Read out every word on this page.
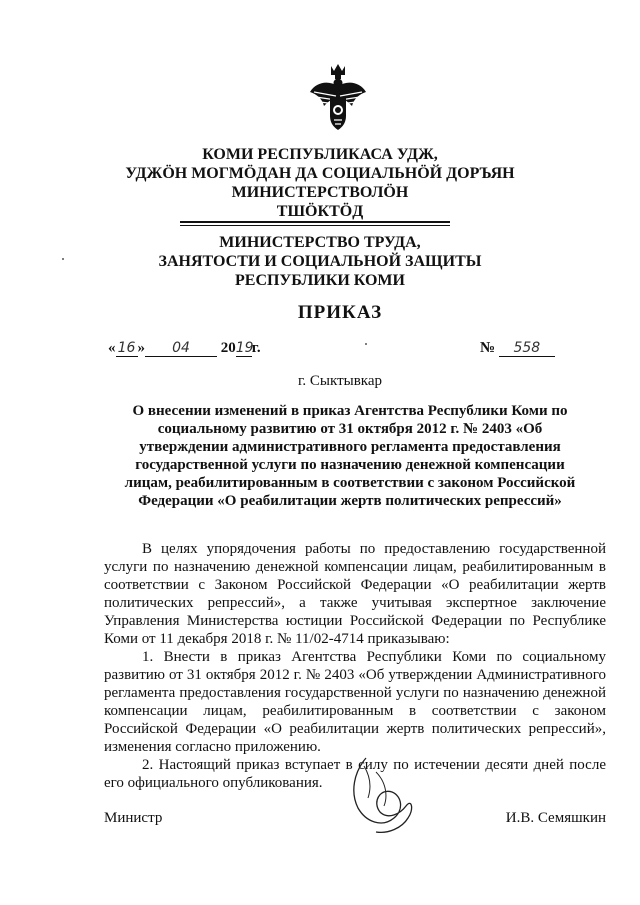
КОМИ РЕСПУБЛИКАСА УДЖ,
УДЖӦН МОГМӦДАН ДА СОЦИАЛЬНӦЙ ДОРЪЯН
МИНИСТЕРСТВОЛӦН
ТШӦКТӦД
МИНИСТЕРСТВО ТРУДА,
ЗАНЯТОСТИ И СОЦИАЛЬНОЙ ЗАЩИТЫ
РЕСПУБЛИКИ КОМИ
ПРИКАЗ
« 16 » 04 2019г.	№ 558
г. Сыктывкар
О внесении изменений в приказ Агентства Республики Коми по социальному развитию от 31 октября 2012 г. № 2403 «Об утверждении административного регламента предоставления государственной услуги по назначению денежной компенсации лицам, реабилитированным в соответствии с законом Российской Федерации «О реабилитации жертв политических репрессий»

В целях упорядочения работы по предоставлению государственной услуги по назначению денежной компенсации лицам, реабилитированным в соответствии с Законом Российской Федерации «О реабилитации жертв политических репрессий», а также учитывая экспертное заключение Управления Министерства юстиции Российской Федерации по Республике Коми от 11 декабря 2018 г. № 11/02-4714 приказываю:

1. Внести в приказ Агентства Республики Коми по социальному развитию от 31 октября 2012 г. № 2403 «Об утверждении Административного регламента предоставления государственной услуги по назначению денежной компенсации лицам, реабилитированным в соответствии с законом Российской Федерации «О реабилитации жертв политических репрессий», изменения согласно приложению.

2. Настоящий приказ вступает в силу по истечении десяти дней после его официального опубликования.

Министр	И.В. Семяшкин
